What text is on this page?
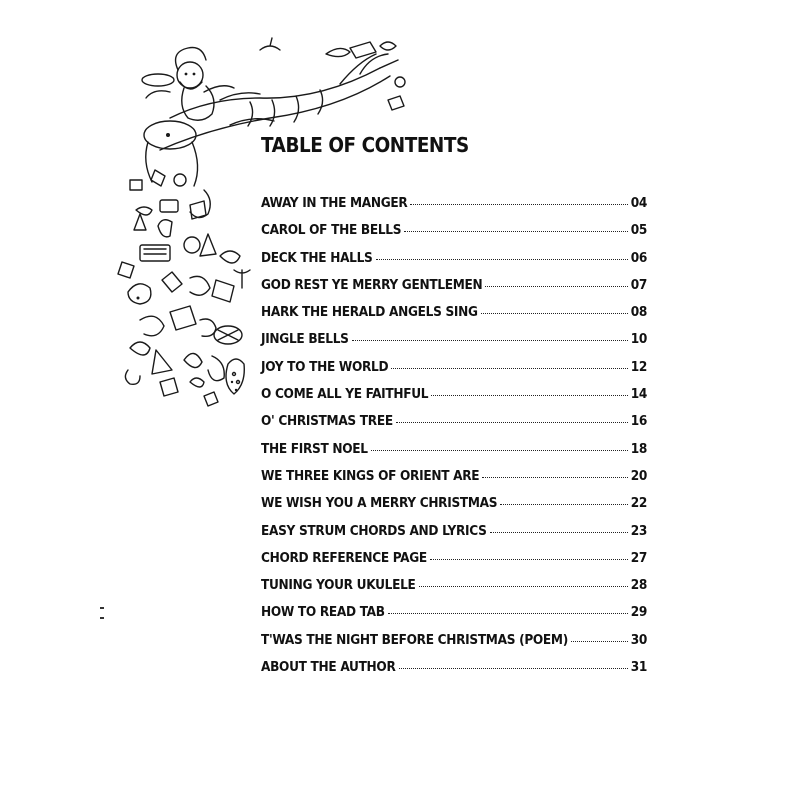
TABLE OF CONTENTS
AWAY IN THE MANGER	04
CAROL OF THE BELLS	05
DECK THE HALLS	06
GOD REST YE MERRY GENTLEMEN	07
HARK THE HERALD ANGELS SING	08
JINGLE BELLS	10
JOY TO THE WORLD	12
O COME ALL YE FAITHFUL	14
O' CHRISTMAS TREE	16
THE FIRST NOEL	18
WE THREE KINGS OF ORIENT ARE	20
WE WISH YOU A MERRY CHRISTMAS	22
EASY STRUM CHORDS AND LYRICS	23
CHORD REFERENCE PAGE	27
TUNING YOUR UKULELE	28
HOW TO READ TAB	29
T'WAS THE NIGHT BEFORE CHRISTMAS (POEM)	30
ABOUT THE AUTHOR	31
